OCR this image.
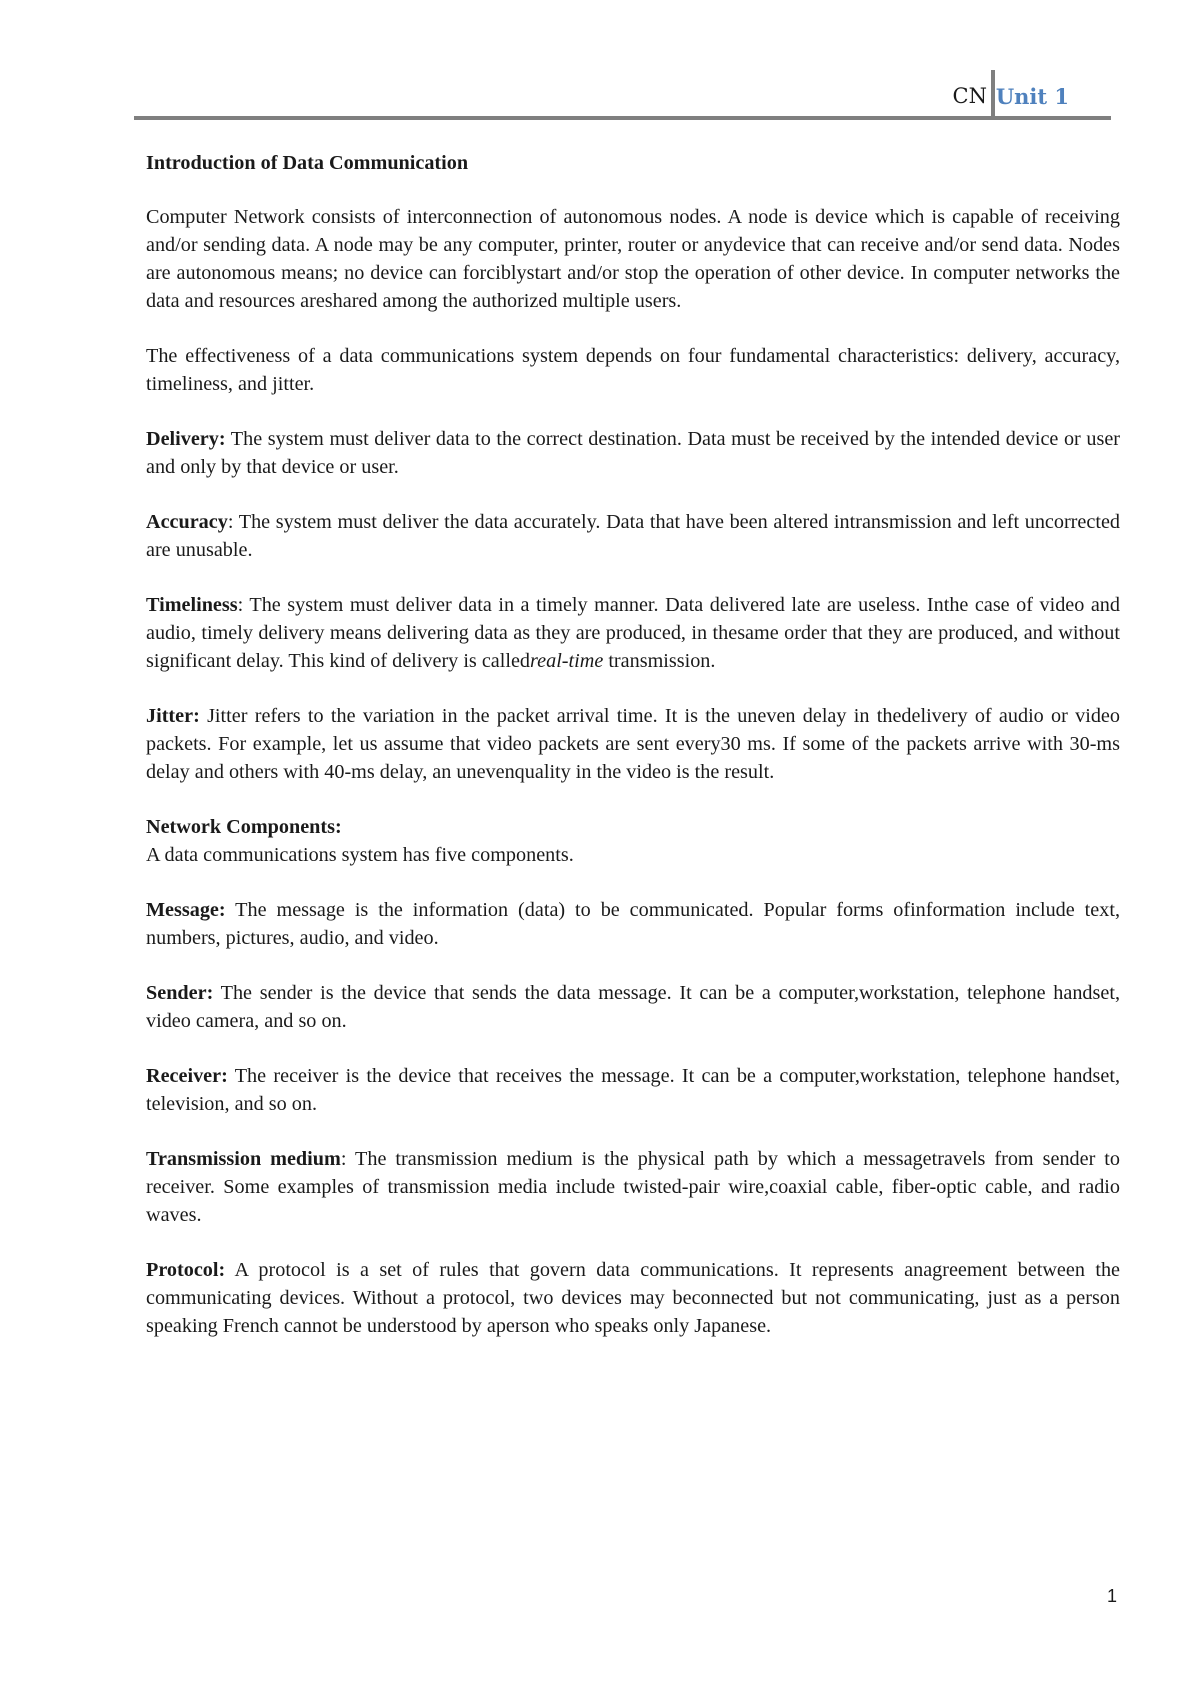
CN Unit 1

Introduction of Data Communication

Computer Network consists of interconnection of autonomous nodes. A node is device which is capable of receiving and/or sending data. A node may be any computer, printer, router or anydevice that can receive and/or send data. Nodes are autonomous means; no device can forciblystart and/or stop the operation of other device. In computer networks the data and resources areshared among the authorized multiple users.

The effectiveness of a data communications system depends on four fundamental characteristics: delivery, accuracy, timeliness, and jitter.

Delivery: The system must deliver data to the correct destination. Data must be received by the intended device or user and only by that device or user.

Accuracy: The system must deliver the data accurately. Data that have been altered intransmission and left uncorrected are unusable.

Timeliness: The system must deliver data in a timely manner. Data delivered late are useless. Inthe case of video and audio, timely delivery means delivering data as they are produced, in thesame order that they are produced, and without significant delay. This kind of delivery is calledreal-time transmission.

Jitter: Jitter refers to the variation in the packet arrival time. It is the uneven delay in thedelivery of audio or video packets. For example, let us assume that video packets are sent every30 ms. If some of the packets arrive with 30-ms delay and others with 40-ms delay, an unevenquality in the video is the result.

Network Components:
A data communications system has five components.

Message: The message is the information (data) to be communicated. Popular forms ofinformation include text, numbers, pictures, audio, and video.

Sender: The sender is the device that sends the data message. It can be a computer,workstation, telephone handset, video camera, and so on.

Receiver: The receiver is the device that receives the message. It can be a computer,workstation, telephone handset, television, and so on.

Transmission medium: The transmission medium is the physical path by which a messagetravels from sender to receiver. Some examples of transmission media include twisted-pair wire,coaxial cable, fiber-optic cable, and radio waves.

Protocol: A protocol is a set of rules that govern data communications. It represents anagreement between the communicating devices. Without a protocol, two devices may beconnected but not communicating, just as a person speaking French cannot be understood by aperson who speaks only Japanese.

1
